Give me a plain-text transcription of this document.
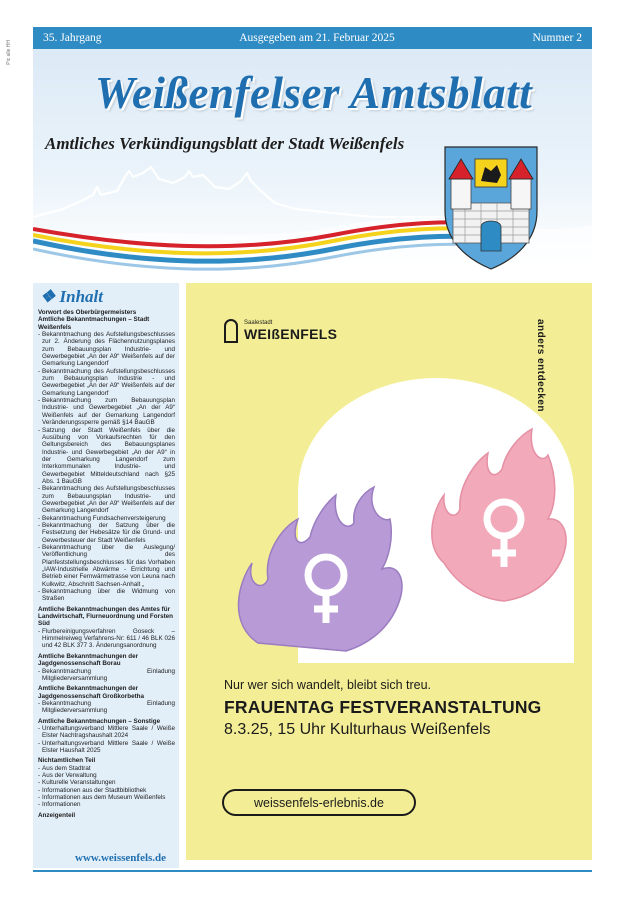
Pic alle HH
35. Jahrgang	Ausgegeben am 21. Februar 2025	Nummer 2
Weißenfelser Amtsblatt
Amtliches Verkündigungsblatt der Stadt Weißenfels
❖ Inhalt
Vorwort des Oberbürgermeisters
Amtliche Bekanntmachungen – Stadt Weißenfels
- Bekanntmachung des Aufstellungsbeschlusses zur 2. Änderung des Flächennutzungsplanes zum Bebauungsplan Industrie- und Gewerbegebiet „An der A9“ Weißenfels auf der Gemarkung Langendorf
- Bekanntmachung des Aufstellungsbeschlusses zum Bebauungsplan Industrie - und Gewerbegebiet „An der A9“ Weißenfels auf der Gemarkung Langendorf
- Bekanntmachung zum Bebauungsplan Industrie- und Gewerbegebiet „An der A9“ Weißenfels auf der Gemarkung Langendorf Veränderungssperre gemäß §14 BauGB
- Satzung der Stadt Weißenfels über die Ausübung von Vorkaufsrechten für den Geltungsbereich des Bebauungsplanes Industrie- und Gewerbegebiet „An der A9“ in der Gemarkung Langendorf zum Interkommunalen Industrie- und Gewerbegebiet Mitteldeutschland nach §25 Abs. 1 BauGB
- Bekanntmachung des Aufstellungsbeschlusses zum Bebauungsplan Industrie- und Gewerbegebiet „An der A9“ Weißenfels auf der Gemarkung Langendorf
- Bekanntmachung Fundsachenversteigerung
- Bekanntmachung der Satzung über die Festsetzung der Hebesätze für die Grund- und Gewerbesteuer der Stadt Weißenfels
- Bekanntmachung über die Auslegung/ Veröffentlichung des Planfeststellungsbeschlusses für das Vorhaben „IAW-Industrielle Abwärme - Errichtung und Betrieb einer Fernwärmetrasse von Leuna nach Kulkwitz, Abschnitt Sachsen-Anhalt „
- Bekanntmachung über die Widmung von Straßen
Amtliche Bekanntmachungen des Amtes für Landwirtschaft, Flurneuordnung und Forsten Süd
- Flurbereinigungsverfahren Goseck – Himmelreiweg Verfahrens-Nr: 611 / 46 BLK 026 und 42 BLK 377 3. Änderungsanordnung
Amtliche Bekanntmachungen der Jagdgenossenschaft Borau
- Bekanntmachung Einladung Mitgliederversammlung
Amtliche Bekanntmachungen der Jagdgenossenschaft Großkorbetha
- Bekanntmachung Einladung Mitgliederversammlung
Amtliche Bekanntmachungen – Sonstige
- Unterhaltungsverband Mittlere Saale / Weiße Elster Nachtragshaushalt 2024
- Unterhaltungsverband Mittlere Saale / Weiße Elster Haushalt 2025
Nichtamtlichen Teil
- Aus dem Stadtrat
- Aus der Verwaltung
- Kulturelle Veranstaltungen
- Informationen aus der Stadtbibliothek
- Informationen aus dem Museum Weißenfels
- Informationen
Anzeigenteil
www.weissenfels.de
Saalestadt
WEIßENFELS	anders entdecken
Nur wer sich wandelt, bleibt sich treu.
FRAUENTAG FESTVERANSTALTUNG
8.3.25, 15 Uhr Kulturhaus Weißenfels
weissenfels-erlebnis.de
